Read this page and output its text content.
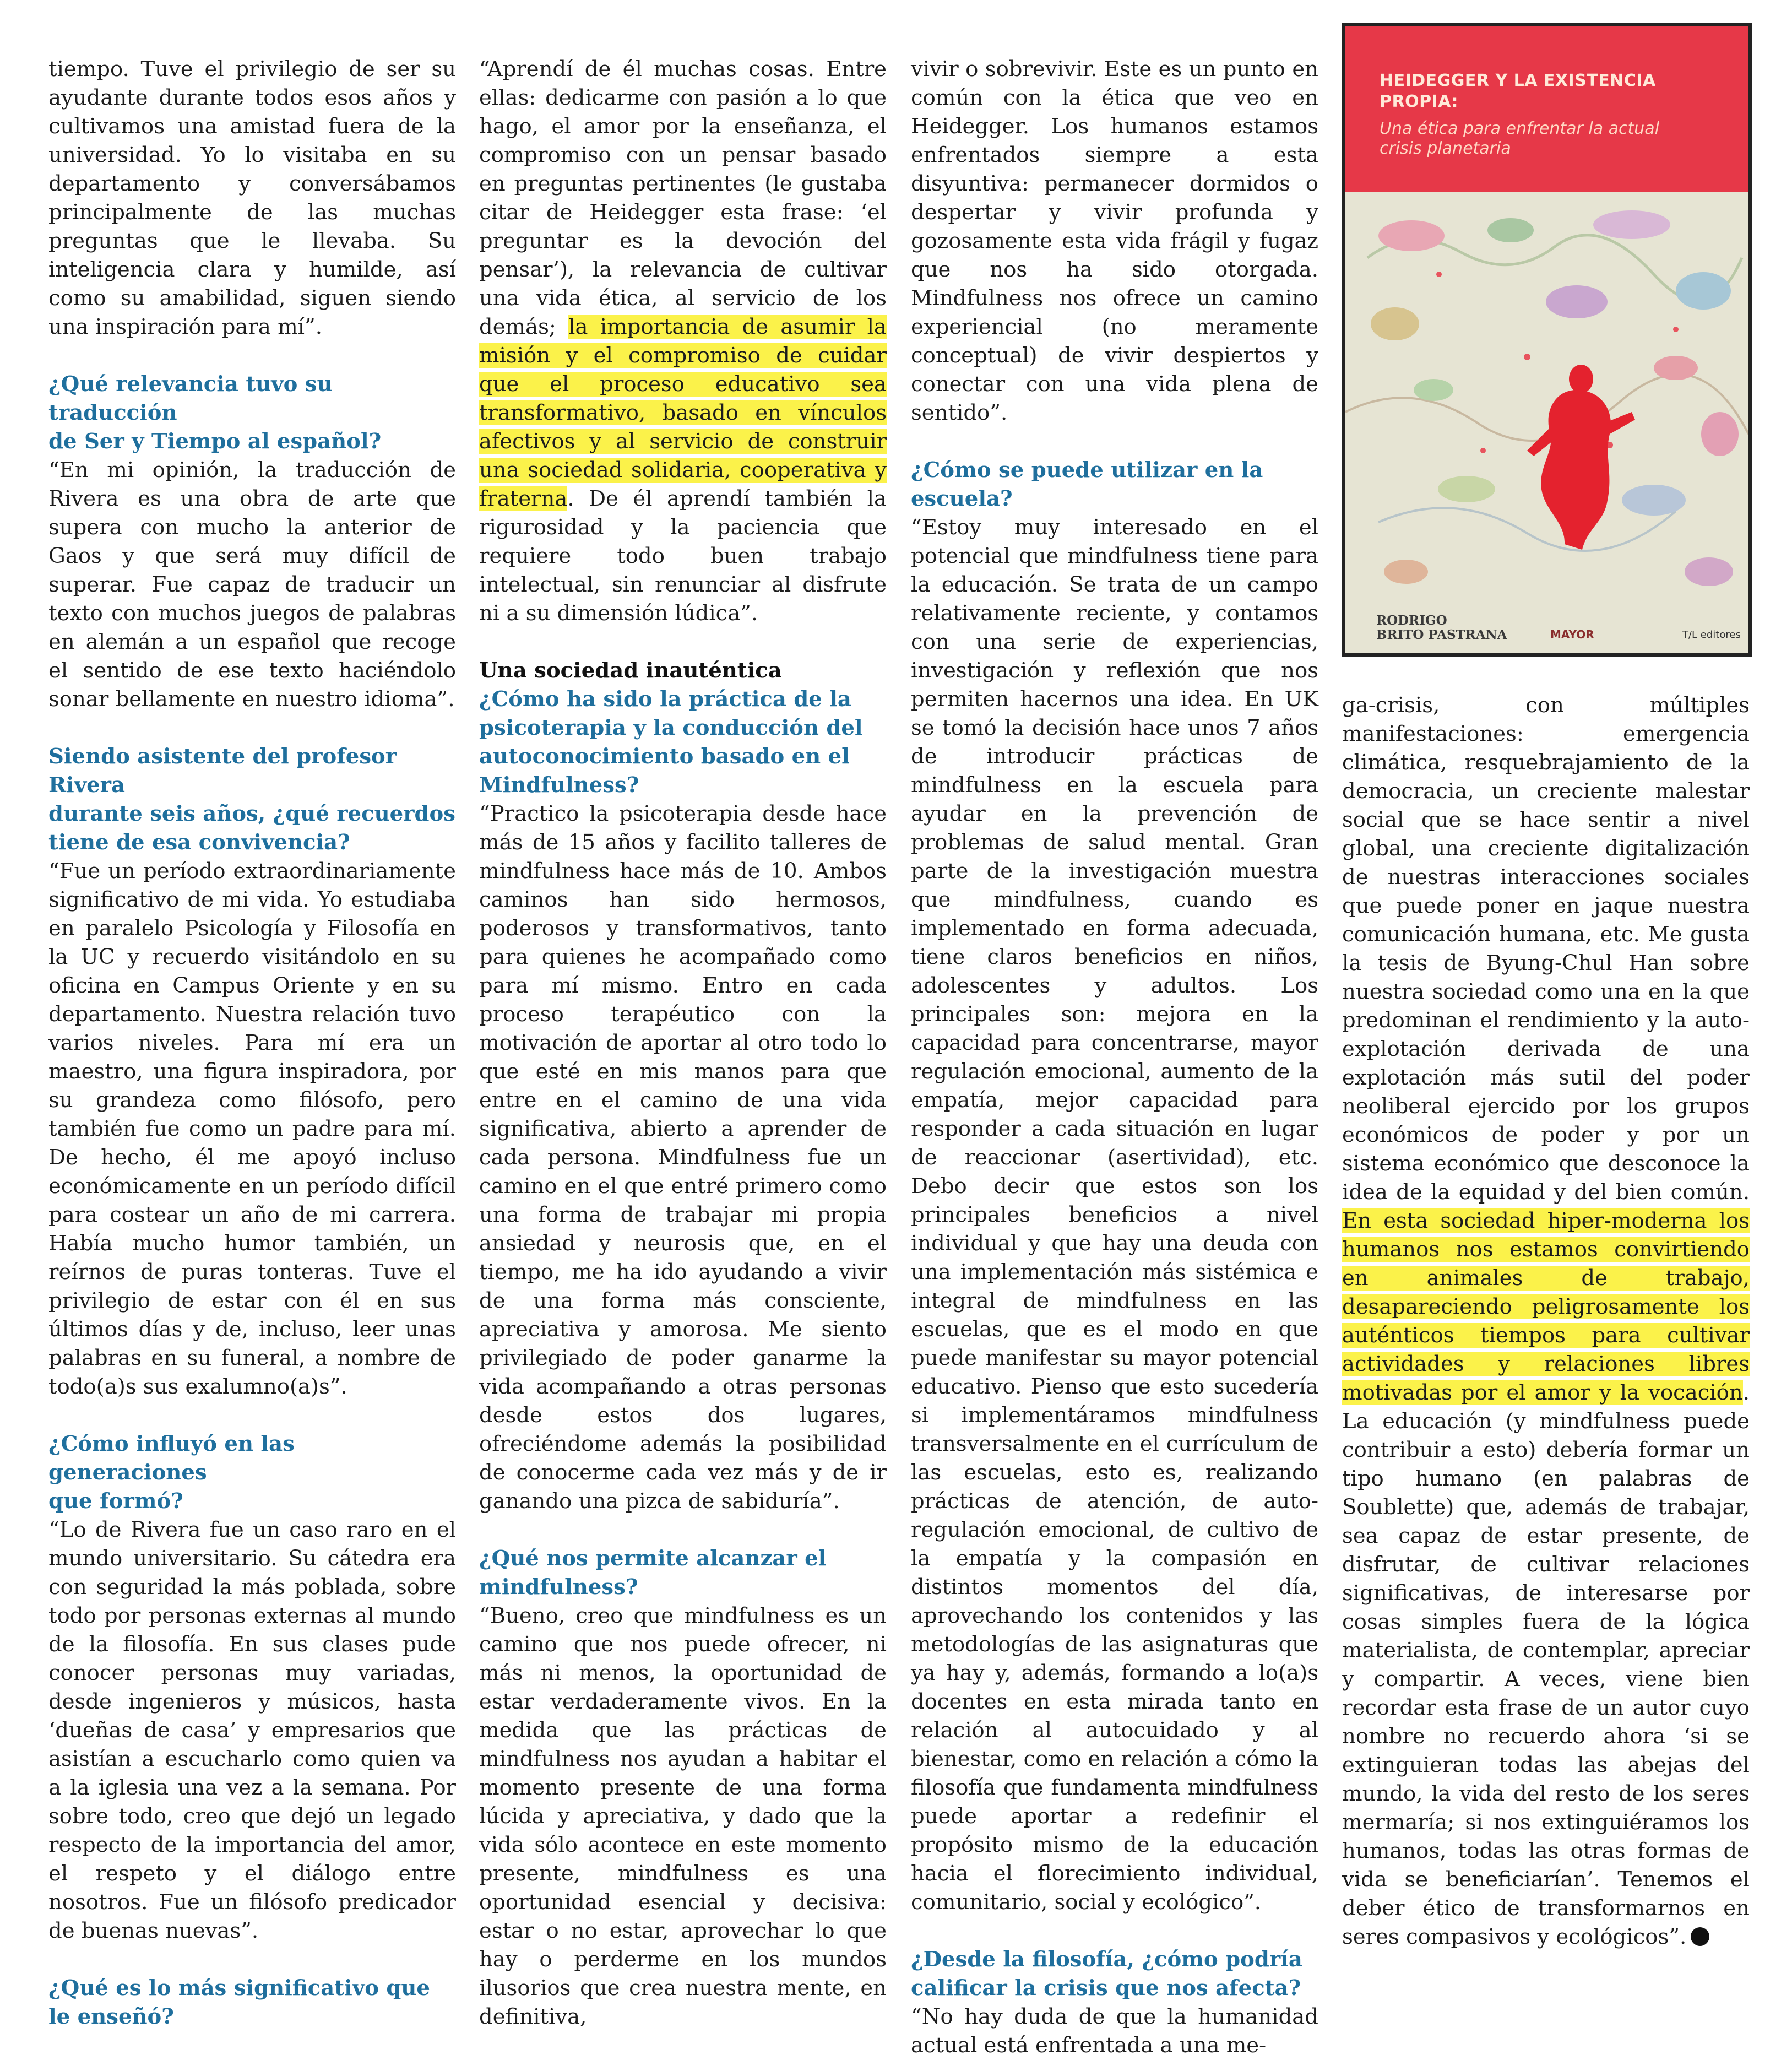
HEIDEGGER Y LA EXISTENCIA PROPIA:
Una ética para enfrentar la actual
crisis planetaria
RODRIGO
BRITO PASTRANA	MAYOR	T/L editores

tiempo. Tuve el privilegio de ser su ayudante durante todos esos años y cultivamos una amistad fuera de la universidad. Yo lo visitaba en su departamento y conversábamos principalmente de las muchas preguntas que le llevaba. Su inteligencia clara y humilde, así como su amabilidad, siguen siendo una inspiración para mí”.

¿Qué relevancia tuvo su traducción
de Ser y Tiempo al español?

“En mi opinión, la traducción de Rivera es una obra de arte que supera con mucho la anterior de Gaos y que será muy difícil de superar. Fue capaz de traducir un texto con muchos juegos de palabras en alemán a un español que recoge el sentido de ese texto haciéndolo sonar bellamente en nuestro idioma”.

Siendo asistente del profesor Rivera
durante seis años, ¿qué recuerdos
tiene de esa convivencia?

“Fue un período extraordinariamente significativo de mi vida. Yo estudiaba en paralelo Psicología y Filosofía en la UC y recuerdo visitándolo en su oficina en Campus Oriente y en su departamento. Nuestra relación tuvo varios niveles. Para mí era un maestro, una figura inspiradora, por su grandeza como filósofo, pero también fue como un padre para mí. De hecho, él me apoyó incluso económicamente en un período difícil para costear un año de mi carrera. Había mucho humor también, un reírnos de puras tonteras. Tuve el privilegio de estar con él en sus últimos días y de, incluso, leer unas palabras en su funeral, a nombre de todo(a)s sus exalumno(a)s”.

¿Cómo influyó en las generaciones
que formó?

“Lo de Rivera fue un caso raro en el mundo universitario. Su cátedra era con seguridad la más poblada, sobre todo por personas externas al mundo de la filosofía. En sus clases pude conocer personas muy variadas, desde ingenieros y músicos, hasta ‘dueñas de casa’ y empresarios que asistían a escucharlo como quien va a la iglesia una vez a la semana. Por sobre todo, creo que dejó un legado respecto de la importancia del amor, el respeto y el diálogo entre nosotros. Fue un filósofo predicador de buenas nuevas”.

¿Qué es lo más significativo que
le enseñó?

“Aprendí de él muchas cosas. Entre ellas: dedicarme con pasión a lo que hago, el amor por la enseñanza, el compromiso con un pensar basado en preguntas pertinentes (le gustaba citar de Heidegger esta frase: ‘el preguntar es la devoción del pensar’), la relevancia de cultivar una vida ética, al servicio de los demás; la importancia de asumir la misión y el compromiso de cuidar que el proceso educativo sea transformativo, basado en vínculos afectivos y al servicio de construir una sociedad solidaria, cooperativa y fraterna. De él aprendí también la rigurosidad y la paciencia que requiere todo buen trabajo intelectual, sin renunciar al disfrute ni a su dimensión lúdica”.

Una sociedad inauténtica
¿Cómo ha sido la práctica de la psicoterapia y la conducción del autoconocimiento basado en el Mindfulness?

“Practico la psicoterapia desde hace más de 15 años y facilito talleres de mindfulness hace más de 10. Ambos caminos han sido hermosos, poderosos y transformativos, tanto para quienes he acompañado como para mí mismo. Entro en cada proceso terapéutico con la motivación de aportar al otro todo lo que esté en mis manos para que entre en el camino de una vida significativa, abierto a aprender de cada persona. Mindfulness fue un camino en el que entré primero como una forma de trabajar mi propia ansiedad y neurosis que, en el tiempo, me ha ido ayudando a vivir de una forma más consciente, apreciativa y amorosa. Me siento privilegiado de poder ganarme la vida acompañando a otras personas desde estos dos lugares, ofreciéndome además la posibilidad de conocerme cada vez más y de ir ganando una pizca de sabiduría”.

¿Qué nos permite alcanzar el mindfulness?

“Bueno, creo que mindfulness es un camino que nos puede ofrecer, ni más ni menos, la oportunidad de estar verdaderamente vivos. En la medida que las prácticas de mindfulness nos ayudan a habitar el momento presente de una forma lúcida y apreciativa, y dado que la vida sólo acontece en este momento presente, mindfulness es una oportunidad esencial y decisiva: estar o no estar, aprovechar lo que hay o perderme en los mundos ilusorios que crea nuestra mente, en definitiva,

vivir o sobrevivir. Este es un punto en común con la ética que veo en Heidegger. Los humanos estamos enfrentados siempre a esta disyuntiva: permanecer dormidos o despertar y vivir profunda y gozosamente esta vida frágil y fugaz que nos ha sido otorgada. Mindfulness nos ofrece un camino experiencial (no meramente conceptual) de vivir despiertos y conectar con una vida plena de sentido”.

¿Cómo se puede utilizar en la escuela?

“Estoy muy interesado en el potencial que mindfulness tiene para la educación. Se trata de un campo relativamente reciente, y contamos con una serie de experiencias, investigación y reflexión que nos permiten hacernos una idea. En UK se tomó la decisión hace unos 7 años de introducir prácticas de mindfulness en la escuela para ayudar en la prevención de problemas de salud mental. Gran parte de la investigación muestra que mindfulness, cuando es implementado en forma adecuada, tiene claros beneficios en niños, adolescentes y adultos. Los principales son: mejora en la capacidad para concentrarse, mayor regulación emocional, aumento de la empatía, mejor capacidad para responder a cada situación en lugar de reaccionar (asertividad), etc. Debo decir que estos son los principales beneficios a nivel individual y que hay una deuda con una implementación más sistémica e integral de mindfulness en las escuelas, que es el modo en que puede manifestar su mayor potencial educativo. Pienso que esto sucedería si implementáramos mindfulness transversalmente en el currículum de las escuelas, esto es, realizando prácticas de atención, de auto-regulación emocional, de cultivo de la empatía y la compasión en distintos momentos del día, aprovechando los contenidos y las metodologías de las asignaturas que ya hay y, además, formando a lo(a)s docentes en esta mirada tanto en relación al autocuidado y al bienestar, como en relación a cómo la filosofía que fundamenta mindfulness puede aportar a redefinir el propósito mismo de la educación hacia el florecimiento individual, comunitario, social y ecológico”.

¿Desde la filosofía, ¿cómo podría calificar la crisis que nos afecta?

“No hay duda de que la humanidad actual está enfrentada a una me-

ga-crisis, con múltiples manifestaciones: emergencia climática, resquebrajamiento de la democracia, un creciente malestar social que se hace sentir a nivel global, una creciente digitalización de nuestras interacciones sociales que puede poner en jaque nuestra comunicación humana, etc. Me gusta la tesis de Byung-Chul Han sobre nuestra sociedad como una en la que predominan el rendimiento y la auto-explotación derivada de una explotación más sutil del poder neoliberal ejercido por los grupos económicos de poder y por un sistema económico que desconoce la idea de la equidad y del bien común. En esta sociedad hiper-moderna los humanos nos estamos convirtiendo en animales de trabajo, desapareciendo peligrosamente los auténticos tiempos para cultivar actividades y relaciones libres motivadas por el amor y la vocación. La educación (y mindfulness puede contribuir a esto) debería formar un tipo humano (en palabras de Soublette) que, además de trabajar, sea capaz de estar presente, de disfrutar, de cultivar relaciones significativas, de interesarse por cosas simples fuera de la lógica materialista, de contemplar, apreciar y compartir. A veces, viene bien recordar esta frase de un autor cuyo nombre no recuerdo ahora ‘si se extinguieran todas las abejas del mundo, la vida del resto de los seres mermaría; si nos extinguiéramos los humanos, todas las otras formas de vida se beneficiarían’. Tenemos el deber ético de transformarnos en seres compasivos y ecológicos”.
